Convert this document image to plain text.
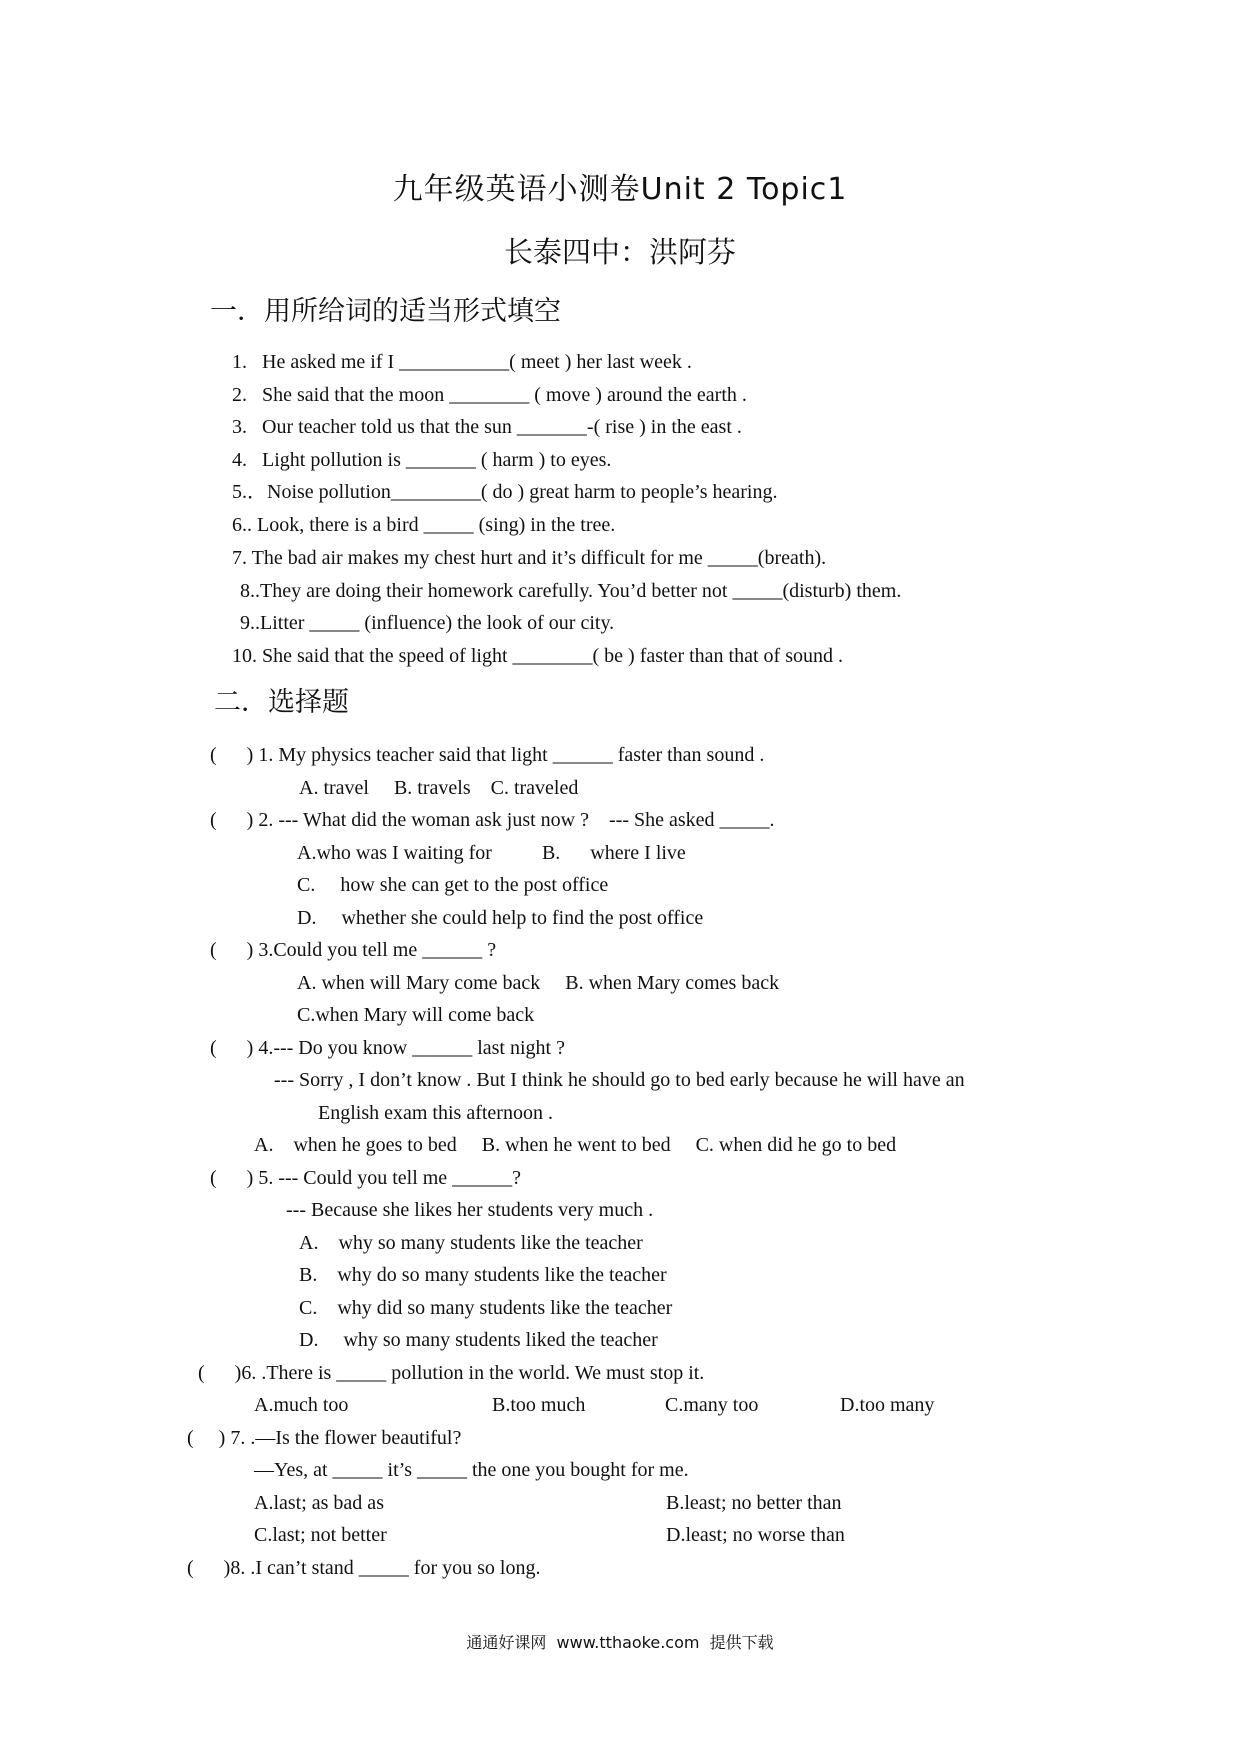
九年级英语小测卷Unit 2 Topic1
长泰四中：洪阿芬
一．用所给词的适当形式填空
1.   He asked me if I ___________( meet ) her last week .
2.   She said that the moon ________ ( move ) around the earth .
3.   Our teacher told us that the sun _______-( rise ) in the east .
4.   Light pollution is _______ ( harm ) to eyes.
5.．Noise pollution_________( do ) great harm to people’s hearing.
6.. Look, there is a bird _____ (sing) in the tree.
7. The bad air makes my chest hurt and it’s difficult for me _____(breath).
8..They are doing their homework carefully. You’d better not _____(disturb) them.
9..Litter _____ (influence) the look of our city.
10. She said that the speed of light ________( be ) faster than that of sound .
二．选择题
(      ) 1. My physics teacher said that light ______ faster than sound .
A. travel     B. travels    C. traveled
(      ) 2. --- What did the woman ask just now ?    --- She asked _____.
A.who was I waiting for          B.      where I live
C.     how she can get to the post office
D.     whether she could help to find the post office
(      ) 3.Could you tell me ______ ?
A. when will Mary come back     B. when Mary comes back
C.when Mary will come back
(      ) 4.--- Do you know ______ last night ?
--- Sorry , I don’t know . But I think he should go to bed early because he will have an
English exam this afternoon .
A.    when he goes to bed     B. when he went to bed     C. when did he go to bed
(      ) 5. --- Could you tell me ______?
--- Because she likes her students very much .
A.    why so many students like the teacher
B.    why do so many students like the teacher
C.    why did so many students like the teacher
D.     why so many students liked the teacher
(      )6. .There is _____ pollution in the world. We must stop it.
A.much too	B.too much	C.many too	D.too many
(     ) 7. .—Is the flower beautiful?
—Yes, at _____ it’s _____ the one you bought for me.
A.last; as bad as	B.least; no better than
C.last; not better	D.least; no worse than
(      )8. .I can’t stand _____ for you so long.
通通好课网  www.tthaoke.com  提供下载
